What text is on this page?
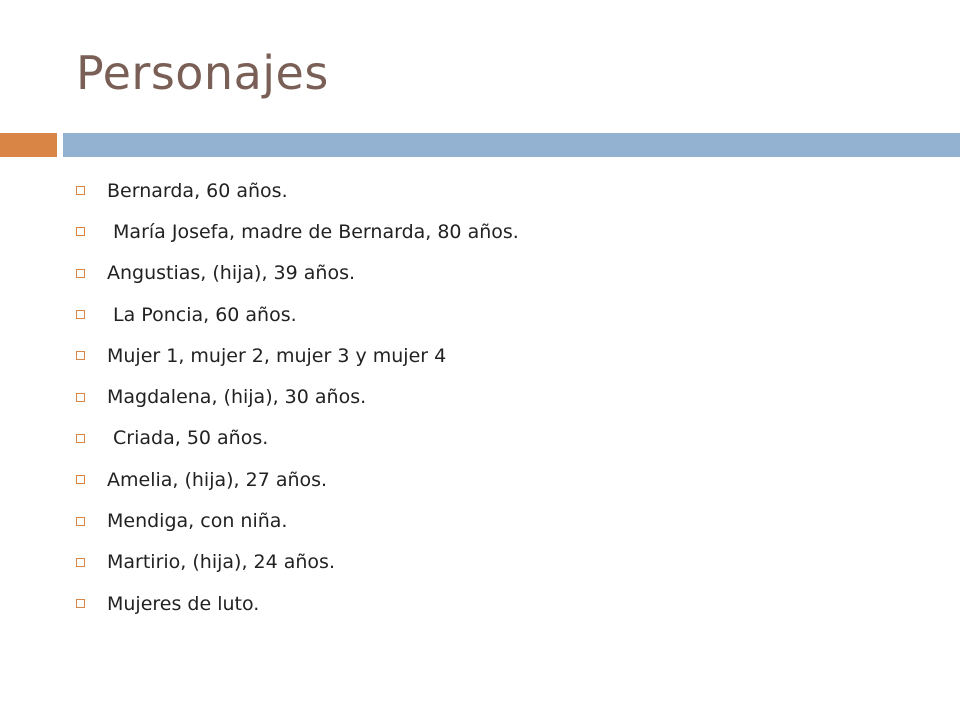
Personajes
Bernarda, 60 años.
María Josefa, madre de Bernarda, 80 años.
Angustias, (hija), 39 años.
La Poncia, 60 años.
Mujer 1, mujer 2, mujer 3 y mujer 4
Magdalena, (hija), 30 años.
Criada, 50 años.
Amelia, (hija), 27 años.
Mendiga, con niña.
Martirio, (hija), 24 años.
Mujeres de luto.
